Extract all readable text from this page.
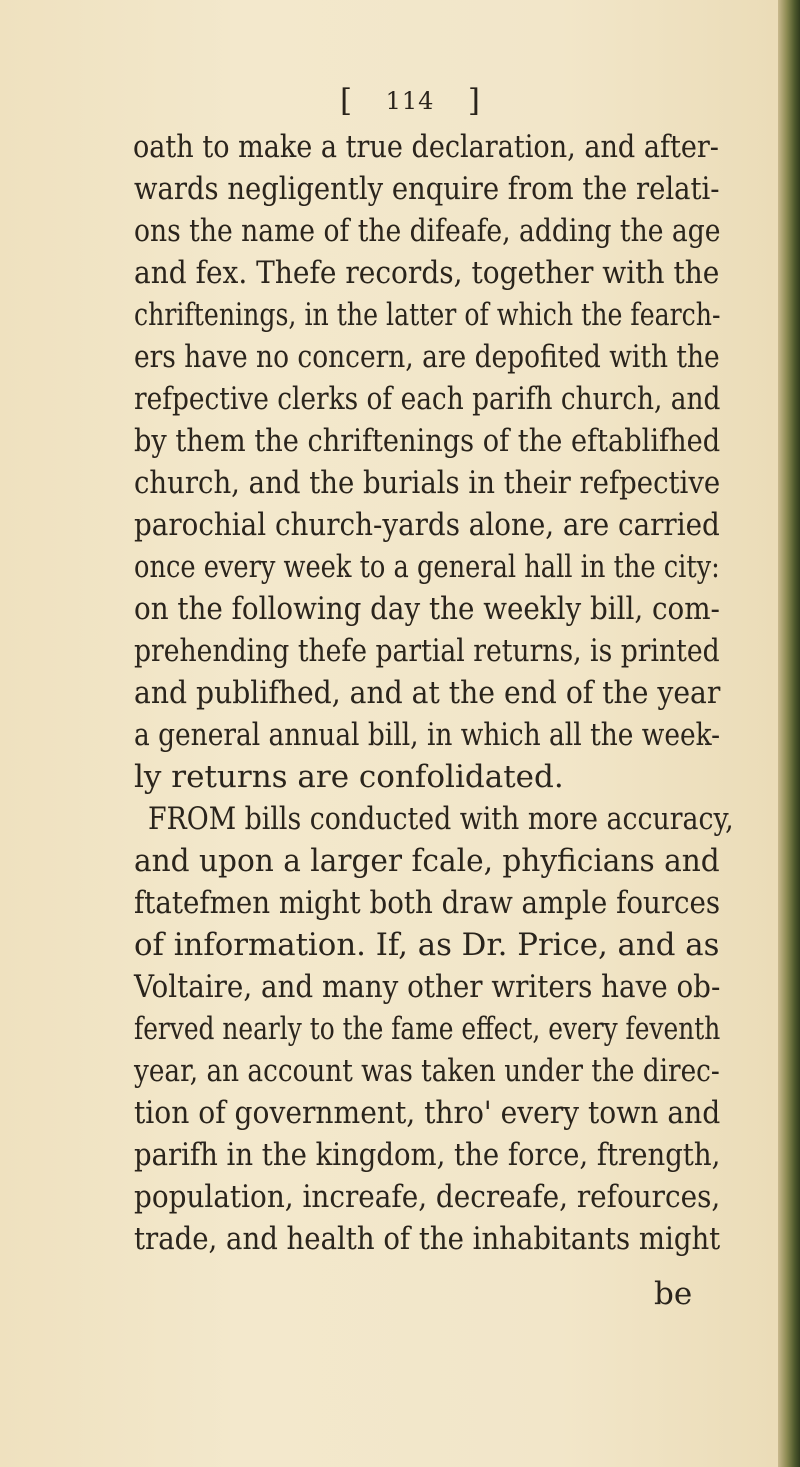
[ 114 ]
oath to make a true declaration, and after-
wards negligently enquire from the relati-
ons the name of the difeafe, adding the age
and fex. Thefe records, together with the
chriftenings, in the latter of which the fearch-
ers have no concern, are depofited with the
refpective clerks of each parifh church, and
by them the chriftenings of the eftablifhed
church, and the burials in their refpective
parochial church-yards alone, are carried
once every week to a general hall in the city:
on the following day the weekly bill, com-
prehending thefe partial returns, is printed
and publifhed, and at the end of the year
a general annual bill, in which all the week-
ly returns are confolidated.
FROM bills conducted with more accuracy,
and upon a larger fcale, phyficians and
ftatefmen might both draw ample fources
of information. If, as Dr. Price, and as
Voltaire, and many other writers have ob-
ferved nearly to the fame effect, every feventh
year, an account was taken under the direc-
tion of government, thro' every town and
parifh in the kingdom, the force, ftrength,
population, increafe, decreafe, refources,
trade, and health of the inhabitants might
be
